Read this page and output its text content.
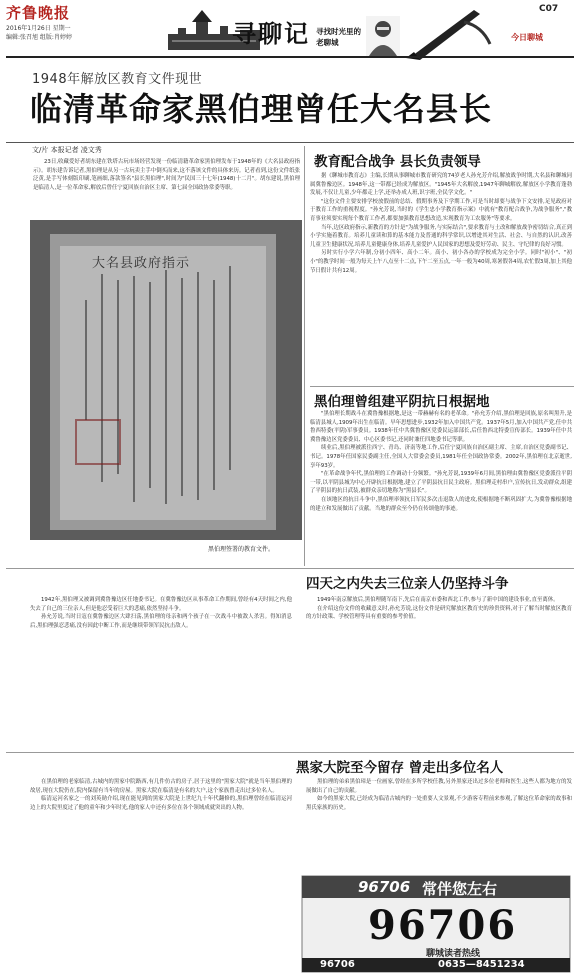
齐鲁晚报
2016年1月26日 星期一
编辑:张召旭 组版:肖婷婷	寻聊记 寻找时光里的老聊城
C07
今日聊城
1948年解放区教育文件现世
临清革命家黑伯理曾任大名县长
文/片 本报记者 凌文秀

23日,收藏爱好者胡东建在铁塔古玩市场经营发现一份临清籍革命家黑伯理发布于1948年的《大名县政府指示》。胡东建告诉记者,黑伯理是从另一古玩卖主手中倒买而来,这不落该文件的具体来历。记者看到,这份文件纸张泛黄,是手写体刻版印刷,笔画细,落款签名"县长黑伯理",时间为"民国三十七年(1948)十二月"。胡东建说,黑伯理是临清人,是一位革命家,解放后曾任宁夏回族自治区主席、第七届全国政协常委等职。

大名县政府指示
黑伯理签署的教育文件。
教育配合战争 县长负责领导

据《聊城市教育志》主编,长期从事聊城市教育研究的74岁老人孙允芳介绍,解放战争时期,大名县和聊城同属冀鲁豫边区。1948年,这一带都已经成为解放区。"1945年大名解放,1947年聊城解放,解放区小学教育蓬勃发展,不仅让儿童,少年都走上学,还举办成人班,识字班,全民学文化。"

"这份文件主要安排学校放假前的总结、假期事务及下学期工作,可是当时却要与战争下文安排,足见政府对于教育工作的重视程度。"孙允芳说,当时的《学生忠小学教育指示案》中就有"教育配合战争,为战争服务","教育事业须要实现每个教育工作者,都要加强教育思想改造,实现教育为工农服务"等要求。

当年,边区政府指示,新教育的方针是"为战争服务,与实际结合",要求教育与土改和解放战争密切结合,真正到小学实施着教育。培养儿童读和算的基本能力及普通的科学常识,以增进其对生活、社会、与自然的认识,改善儿童卫生健康状况,培养儿童健康身体,培养儿童爱护人民国家的思想及爱好劳动、民主、守纪律的良好习惯。

另时实行小学六年制,分初小四年、高小二年。高小、初小各办的学校成为完全小学。同时"初小"、"初小"的教学时间一般为每天上午八点至十二点,下午二至五点,一年一般为40周,寒暑假各4周,农忙假3周,加上其他节日假计共有12周。

黑伯理曾组建平阴抗日根据地

"黑伯理长期战斗在冀鲁豫根据地,是这一带赫赫有名的老革命。"孙允芳介绍,黑伯理是回族,原名叫黑升,是临清县城人,1909年出生在临清。早年思想进步,1932年加入中国共产党。1937年5月,加入中国共产党,任中共鲁西特委(平阴)军事委员。1938年任中共冀鲁豫区党委民运部部长,后任鲁西北特委宣传部长。1939年任中共冀鲁豫边区党委委员、中心区委书记,还同时兼任四地委书记等职。

续业后,黑伯理被派往西宁、青岛、济南等地工作,后任宁夏回族自治区副主席、主席,自治区党委副书记、书记。1978年任国家民委副主任,全国人大常委会委员,1981年任全国政协常委。2002年,黑伯理在北京逝世,享年93岁。

"在革命战争年代,黑伯理的工作调动十分频繁。"孙允芳说,1939年6月间,黑伯理由冀鲁豫区党委派往平阴一带,以平阴县城为中心开辟抗日根据地,建立了平阴县抗日民主政府。黑伯理走村串户,宣传抗日,发动群众,组建了平阴县的抗日武装,被群众亲切地称为"黑县长"。

在该地区的抗日斗争中,黑伯理率领抗日军民多次击退敌人的进攻,使根据地不断巩固扩大,为冀鲁豫根据地的建立和发展做出了贡献。当地的群众至今仍在传颂他的事迹。

四天之内失去三位亲人仍坚持斗争

1942年,黑伯理又被调到冀鲁豫边区任地委书记。在冀鲁豫边区从事革命工作期间,曾经有4天时间之内,他失去了自己的三位亲人,但是他忍受着巨大的悲痛,依然坚持斗争。

孙允芳说,当时日寇在冀鲁豫边区大肆扫荡,黑伯理的母亲和两个孩子在一次战斗中被敌人杀害。得知消息后,黑伯理强忍悲痛,没有因此中断工作,而是继续带领军民抗击敌人。

1949年南京解放后,黑伯理随军南下,先后在南京市委和西北工作,参与了新中国的建设事业,直至离休。

在介绍这份文件的收藏意义时,孙允芳说,这份文件是研究解放区教育史的珍贵资料,对于了解当时解放区教育的方针政策、学校管理等具有重要的参考价值。

黑家大院至今留存 曾走出多位名人

在黑伯理的老家临清,古城内的黑家中院路西,有几件仿古的房子,居于这里的"黑家大院"就是当年黑伯理的故居,现在大院仍在,院内保留有当年的房屋。黑家大院在临清是有名的大户,这个家族曾走出过多位名人。

临清运河名家之一的刘英勋介绍,现在能见到的黑家大院是上世纪九十年代翻修的,黑伯理曾经在临清运河边上的大院里度过了他的童年和少年时光,他的家人中还有多位在各个领域成就突出的人物。

黑伯理的弟弟黑伯璋是一位画家,曾经在多所学校任教,另外黑家还出过多位老师和医生,这些人都为地方的发展做出了自己的贡献。

如今的黑家大院,已经成为临清古城内的一处重要人文景观,不少游客专程前来参观,了解这位革命家的故事和黑氏家族的历史。

96706 常伴您左右
96706
聊城读者热线
96706	0635—8451234
